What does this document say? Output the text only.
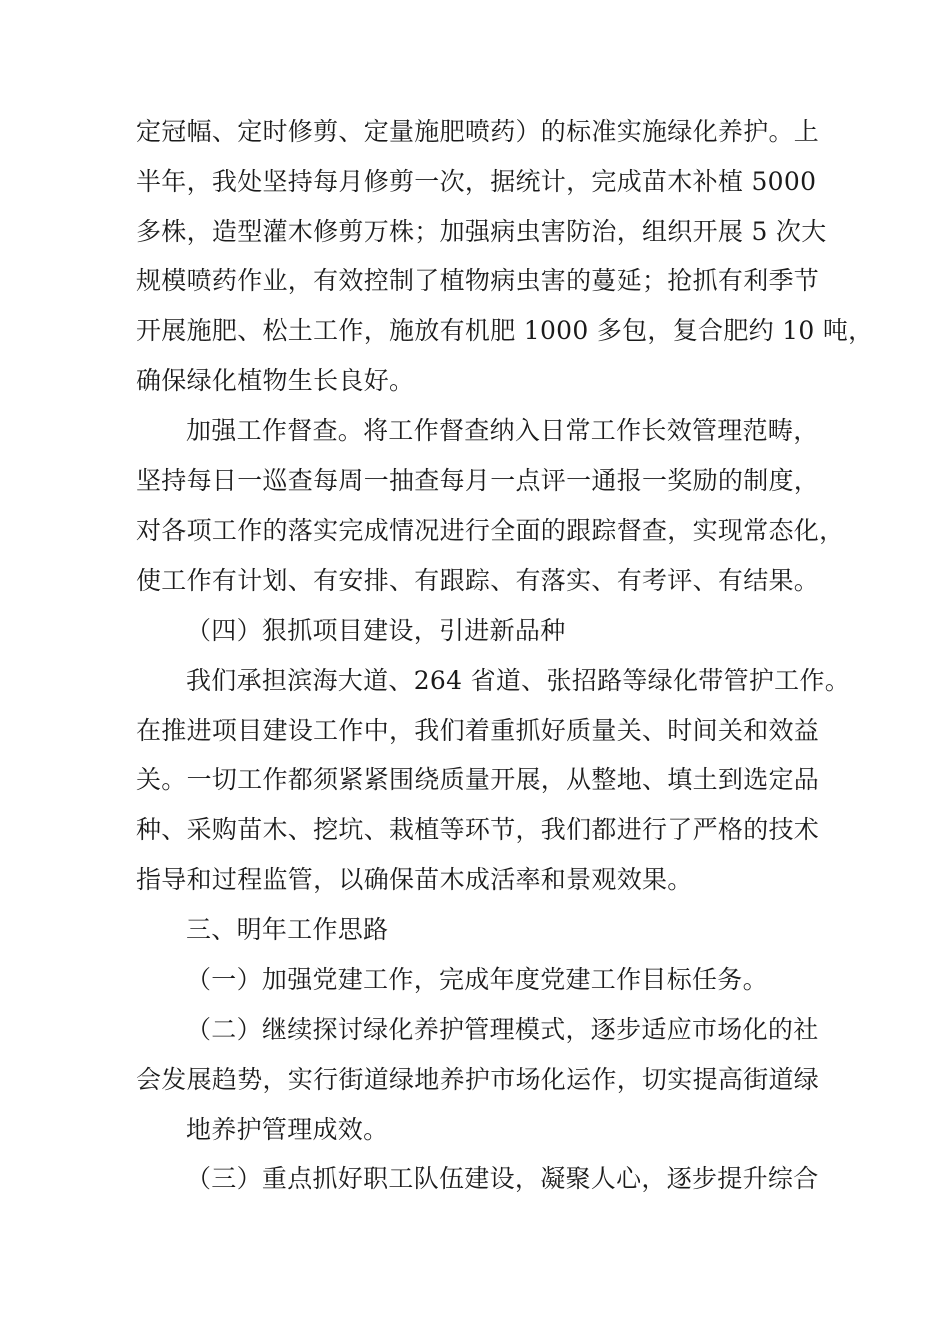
定冠幅、定时修剪、定量施肥喷药）的标准实施绿化养护。上
半年，我处坚持每月修剪一次，据统计，完成苗木补植 5000
多株，造型灌木修剪万株；加强病虫害防治，组织开展 5 次大
规模喷药作业，有效控制了植物病虫害的蔓延；抢抓有利季节
开展施肥、松土工作，施放有机肥 1000 多包，复合肥约 10 吨，
确保绿化植物生长良好。
加强工作督查。将工作督查纳入日常工作长效管理范畴，
坚持每日一巡查每周一抽查每月一点评一通报一奖励的制度，
对各项工作的落实完成情况进行全面的跟踪督查，实现常态化，
使工作有计划、有安排、有跟踪、有落实、有考评、有结果。
（四）狠抓项目建设，引进新品种
我们承担滨海大道、264 省道、张招路等绿化带管护工作。
在推进项目建设工作中，我们着重抓好质量关、时间关和效益
关。一切工作都须紧紧围绕质量开展，从整地、填土到选定品
种、采购苗木、挖坑、栽植等环节，我们都进行了严格的技术
指导和过程监管，以确保苗木成活率和景观效果。
三、明年工作思路
（一）加强党建工作，完成年度党建工作目标任务。
（二）继续探讨绿化养护管理模式，逐步适应市场化的社
会发展趋势，实行街道绿地养护市场化运作，切实提高街道绿
地养护管理成效。
（三）重点抓好职工队伍建设，凝聚人心，逐步提升综合
